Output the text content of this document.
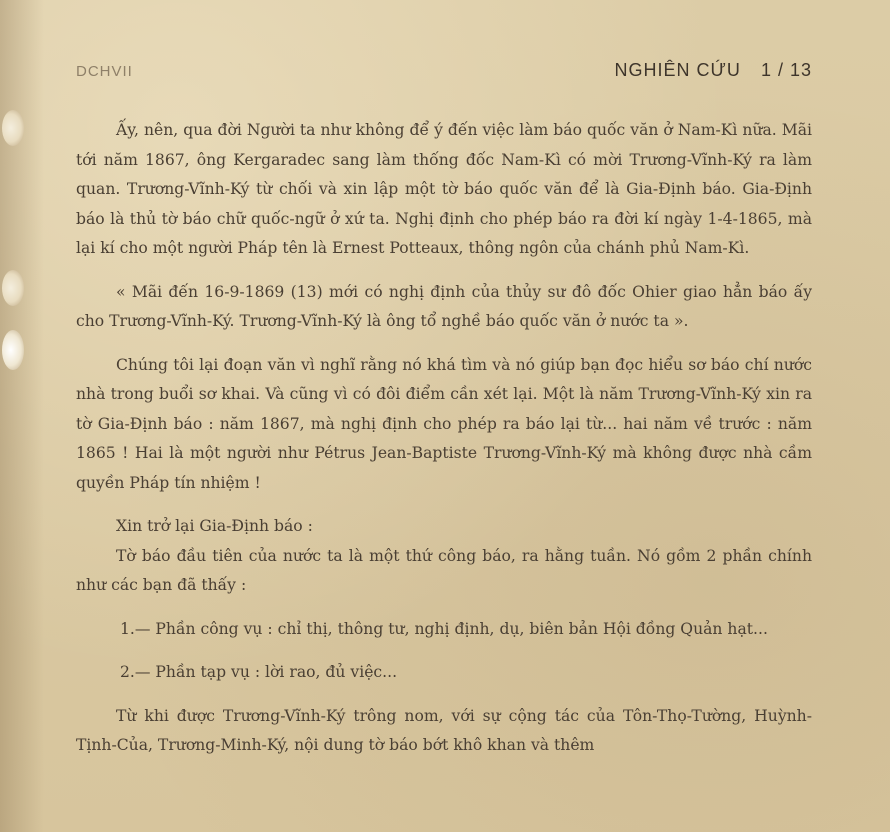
DCHVII	NGHIÊN CỨU 1 / 13

Ấy, nên, qua đời Người ta như không để ý đến việc làm báo quốc văn ở Nam-Kì nữa. Mãi tới năm 1867, ông Kergaradec sang làm thống đốc Nam-Kì có mời Trương-Vĩnh-Ký ra làm quan. Trương-Vĩnh-Ký từ chối và xin lập một tờ báo quốc văn để là Gia-Định báo. Gia-Định báo là thủ tờ báo chữ quốc-ngữ ở xứ ta. Nghị định cho phép báo ra đời kí ngày 1-4-1865, mà lại kí cho một người Pháp tên là Ernest Potteaux, thông ngôn của chánh phủ Nam-Kì.

« Mãi đến 16-9-1869 (13) mới có nghị định của thủy sư đô đốc Ohier giao hẳn báo ấy cho Trương-Vĩnh-Ký. Trương-Vĩnh-Ký là ông tổ nghề báo quốc văn ở nước ta ».

Chúng tôi lại đoạn văn vì nghĩ rằng nó khá tìm và nó giúp bạn đọc hiểu sơ báo chí nước nhà trong buổi sơ khai. Và cũng vì có đôi điểm cần xét lại. Một là năm Trương-Vĩnh-Ký xin ra tờ Gia-Định báo : năm 1867, mà nghị định cho phép ra báo lại từ... hai năm về trước : năm 1865 ! Hai là một người như Pétrus Jean-Baptiste Trương-Vĩnh-Ký mà không được nhà cầm quyền Pháp tín nhiệm !

Xin trở lại Gia-Định báo :

Tờ báo đầu tiên của nước ta là một thứ công báo, ra hằng tuần. Nó gồm 2 phần chính như các bạn đã thấy :

1.— Phần công vụ : chỉ thị, thông tư, nghị định, dụ, biên bản Hội đồng Quản hạt...

2.— Phần tạp vụ : lời rao, đủ việc...

Từ khi được Trương-Vĩnh-Ký trông nom, với sự cộng tác của Tôn-Thọ-Tường, Huỳnh-Tịnh-Của, Trương-Minh-Ký, nội dung tờ báo bớt khô khan và thêm
